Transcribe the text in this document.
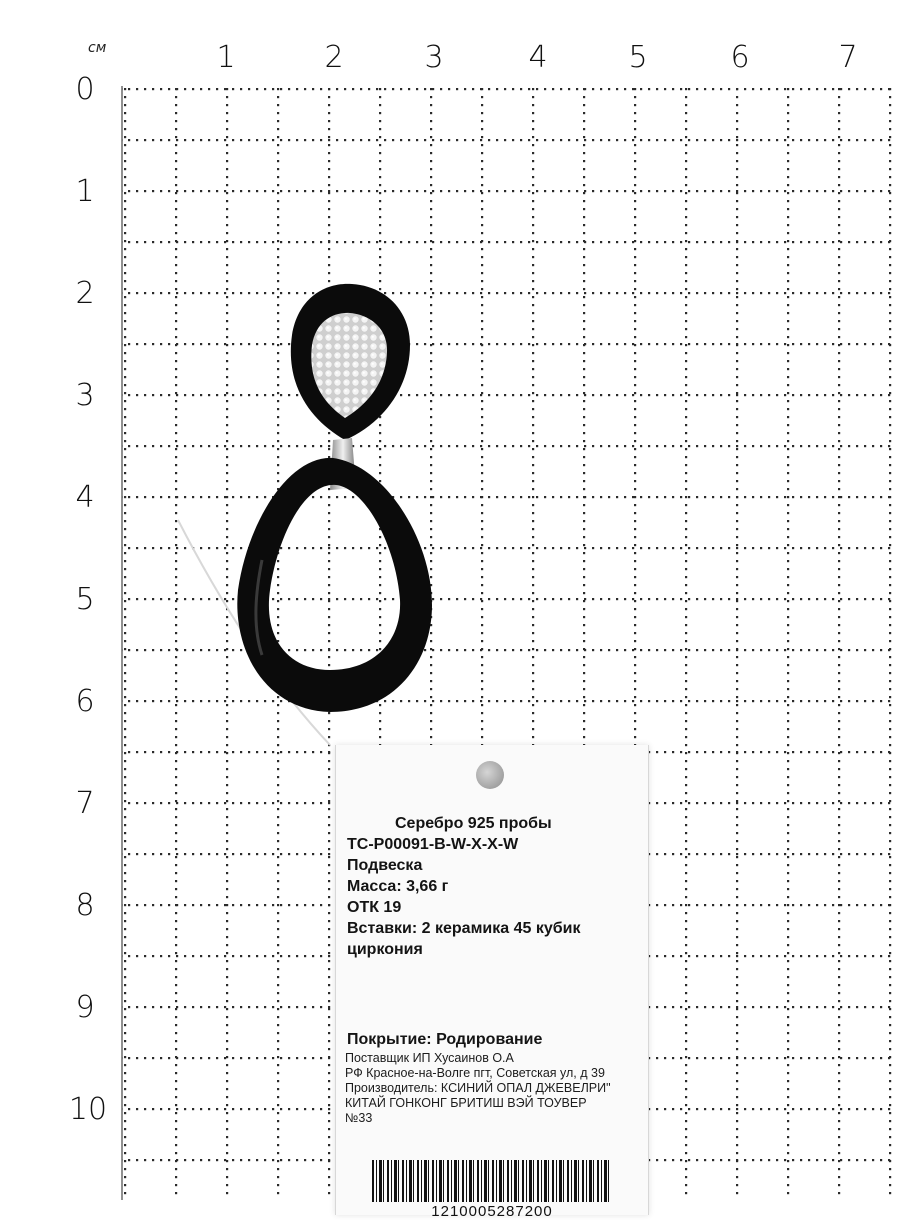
см	1	2	3	4	5	6	7
0
1
2
3
4
5
6
7
8
9
10
Серебро 925 пробы
TC-P00091-B-W-X-X-W
Подвеска
Масса: 3,66 г
ОТК 19
Вставки: 2 керамика 45 кубик
циркония
Покрытие: Родирование
Поставщик ИП Хусаинов О.А
РФ Красное-на-Волге пгт, Советская ул, д 39
Производитель: КСИНИЙ ОПАЛ ДЖЕВЕЛРИ"
КИТАЙ ГОНКОНГ БРИТИШ ВЭЙ ТОУВЕР
№33
1210005287200
